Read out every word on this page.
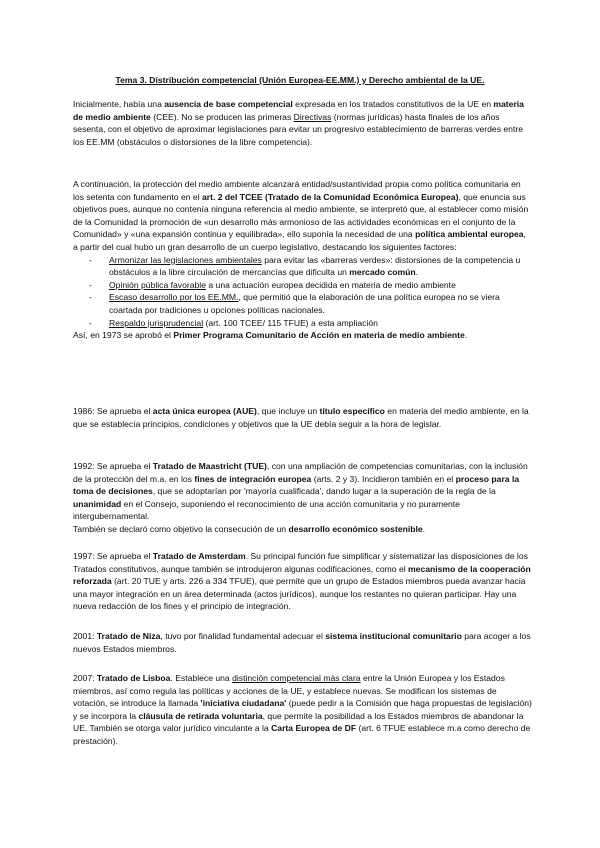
Tema 3. Distribución competencial (Unión Europea-EE.MM.) y Derecho ambiental de la UE.

Inicialmente, había una ausencia de base competencial expresada en los tratados constitutivos de la UE en materia de medio ambiente (CEE). No se producen las primeras Directivas (normas jurídicas) hasta finales de los años sesenta, con el objetivo de aproximar legislaciones para evitar un progresivo establecimiento de barreras verdes entre los EE.MM (obstáculos o distorsiones de la libre competencia).

A continuación, la protección del medio ambiente alcanzará entidad/sustantividad propia como política comunitaria en los setenta con fundamento en el art. 2 del TCEE (Tratado de la Comunidad Económica Europea), que enuncia sus objetivos pues, aunque no contenía ninguna referencia al medio ambiente, se interpretó que, al establecer como misión de la Comunidad la promoción de «un desarrollo más armonioso de las actividades económicas en el conjunto de la Comunidad» y «una expansión continua y equilibrada», ello suponía la necesidad de una política ambiental europea, a partir del cual hubo un gran desarrollo de un cuerpo legislativo, destacando los siguientes factores:

- Armonizar las legislaciones ambientales para evitar las «barreras verdes»: distorsiones de la competencia u obstáculos a la libre circulación de mercancías que dificulta un mercado común.
- Opinión pública favorable a una actuación europea decidida en materia de medio ambiente
- Escaso desarrollo por los EE.MM., que permitió que la elaboración de una política europea no se viera coartada por tradiciones u opciones políticas nacionales.
- Respaldo jurisprudencial (art. 100 TCEE/ 115 TFUE) a esta ampliación

Así, en 1973 se aprobó el Primer Programa Comunitario de Acción en materia de medio ambiente.

1986: Se aprueba el acta única europea (AUE), que incluye un título específico en materia del medio ambiente, en la que se establecía principios, condiciones y objetivos que la UE debía seguir a la hora de legislar.

1992: Se aprueba el Tratado de Maastricht (TUE), con una ampliación de competencias comunitarias, con la inclusión de la protección del m.a. en los fines de integración europea (arts. 2 y 3). Incidieron también en el proceso para la toma de decisiones, que se adoptarían por 'mayoría cualificada', dando lugar a la superación de la regla de la unanimidad en el Consejo, suponiendo el reconocimiento de una acción comunitaria y no puramente intergubernamental.

También se declaró como objetivo la consecución de un desarrollo económico sostenible.

1997: Se aprueba el Tratado de Amsterdam. Su principal función fue simplificar y sistematizar las disposiciones de los Tratados constitutivos, aunque también se introdujeron algunas codificaciones, como el mecanismo de la cooperación reforzada (art. 20 TUE y arts. 226 a 334 TFUE), que permite que un grupo de Estados miembros pueda avanzar hacia una mayor integración en un área determinada (actos jurídicos), aunque los restantes no quieran participar. Hay una nueva redacción de los fines y el principio de integración.

2001: Tratado de Niza, tuvo por finalidad fundamental adecuar el sistema institucional comunitario para acoger a los nuevos Estados miembros.

2007: Tratado de Lisboa. Establece una distinción competencial más clara entre la Unión Europea y los Estados miembros, así como regula las políticas y acciones de la UE, y establece nuevas. Se modifican los sistemas de votación, se introduce la llamada 'iniciativa ciudadana' (puede pedir a la Comisión que haga propuestas de legislación) y se incorpora la cláusula de retirada voluntaria, que permite la posibilidad a los Estados miembros de abandonar la UE. También se otorga valor jurídico vinculante a la Carta Europea de DF (art. 6 TFUE establece m.a como derecho de prestación).
